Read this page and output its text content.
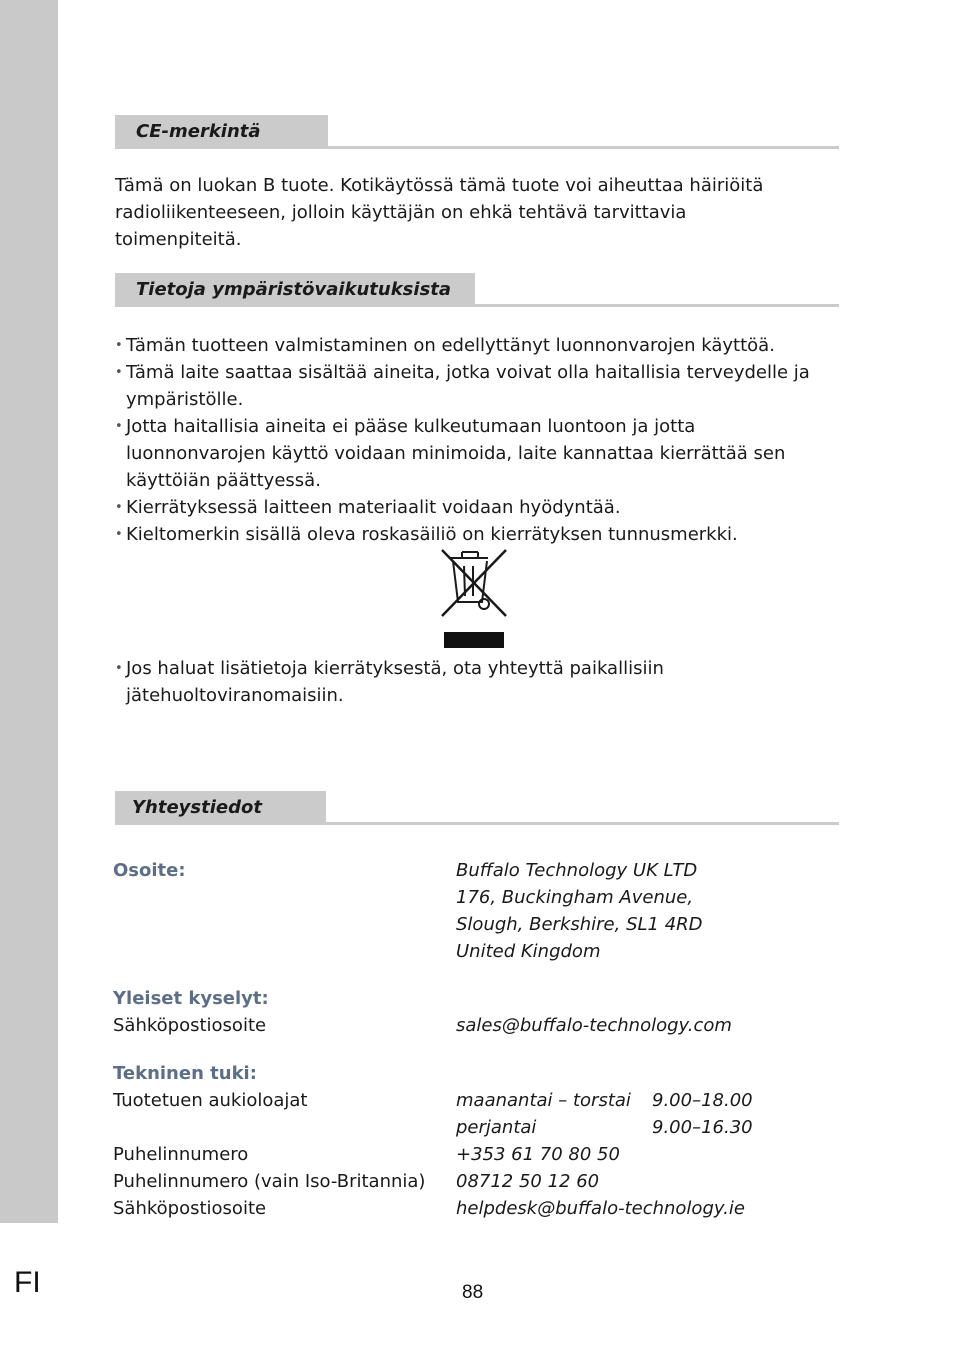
CE-merkintä

Tämä on luokan B tuote. Kotikäytössä tämä tuote voi aiheuttaa häiriöitä radioliikenteeseen, jolloin käyttäjän on ehkä tehtävä tarvittavia toimenpiteitä.

Tietoja ympäristövaikutuksista
• Tämän tuotteen valmistaminen on edellyttänyt luonnonvarojen käyttöä.
• Tämä laite saattaa sisältää aineita, jotka voivat olla haitallisia terveydelle ja ympäristölle.
• Jotta haitallisia aineita ei pääse kulkeutumaan luontoon ja jotta luonnonvarojen käyttö voidaan minimoida, laite kannattaa kierrättää sen käyttöiän päättyessä.
• Kierrätyksessä laitteen materiaalit voidaan hyödyntää.
• Kieltomerkin sisällä oleva roskasäiliö on kierrätyksen tunnusmerkki.
• Jos haluat lisätietoja kierrätyksestä, ota yhteyttä paikallisiin jätehuoltoviranomaisiin.
Yhteystiedot
Osoite:	Buffalo Technology UK LTD
176, Buckingham Avenue,
Slough, Berkshire, SL1 4RD
United Kingdom
Yleiset kyselyt:
Sähköpostiosoite	sales@buffalo-technology.com
Tekninen tuki:
Tuotetuen aukioloajat	maanantai – torstai 9.00–18.00
perjantai	9.00–16.30
Puhelinnumero	+353 61 70 80 50
Puhelinnumero (vain Iso-Britannia) 08712 50 12 60
Sähköpostiosoite	helpdesk@buffalo-technology.ie
FI	88
